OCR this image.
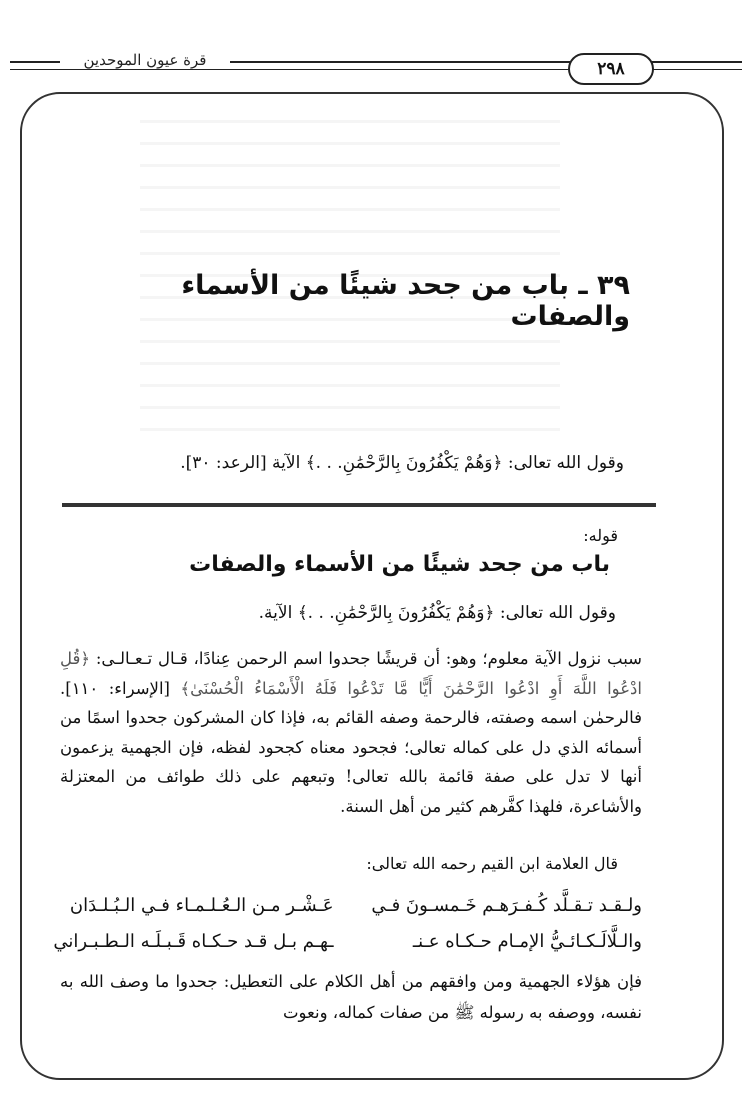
قرة عيون الموحدين	٢٩٨
٣٩ ـ باب من جحد شيئًا من الأسماء والصفات
وقول الله تعالى: ﴿وَهُمْ يَكْفُرُونَ بِالرَّحْمَٰنِ. . .﴾ الآية [الرعد: ٣٠].
قوله:
باب من جحد شيئًا من الأسماء والصفات
وقول الله تعالى: ﴿وَهُمْ يَكْفُرُونَ بِالرَّحْمَٰنِ. . .﴾ الآية.
سبب نزول الآية معلوم؛ وهو: أن قريشًا جحدوا اسم الرحمن عِنادًا، قـال تـعـالـى: ﴿قُلِ ادْعُوا اللَّهَ أَوِ ادْعُوا الرَّحْمَٰنَ أَيًّا مَّا تَدْعُوا فَلَهُ الْأَسْمَاءُ الْحُسْنَىٰ﴾ [الإسراء: ١١٠]. فالرحمٰن اسمه وصفته، فالرحمة وصفه القائم به، فإذا كان المشركون جحدوا اسمًا من أسمائه الذي دل على كماله تعالى؛ فجحود معناه كجحود لفظه، فإن الجهمية يزعمون أنها لا تدل على صفة قائمة بالله تعالى! وتبعهم على ذلك طوائف من المعتزلة والأشاعرة، فلهذا كفَّرهم كثير من أهل السنة.
قال العلامة ابن القيم رحمه الله تعالى:
ولـقـد تـقـلَّد كُـفـرَهـم خَـمسـونَ فـي
عَـشْـر مـن الـعُـلـمـاء فـي الـبُـلـدَان
والـلَّالَـكـائـيُّ الإمـام حـكـاه عـنـ
ـهـم بـل قـد حـكـاه قَـبـلَـه الـطـبـراني
فإن هؤلاء الجهمية ومن وافقهم من أهل الكلام على التعطيل: جحدوا ما وصف الله به نفسه، ووصفه به رسوله ﷺ من صفات كماله، ونعوت
